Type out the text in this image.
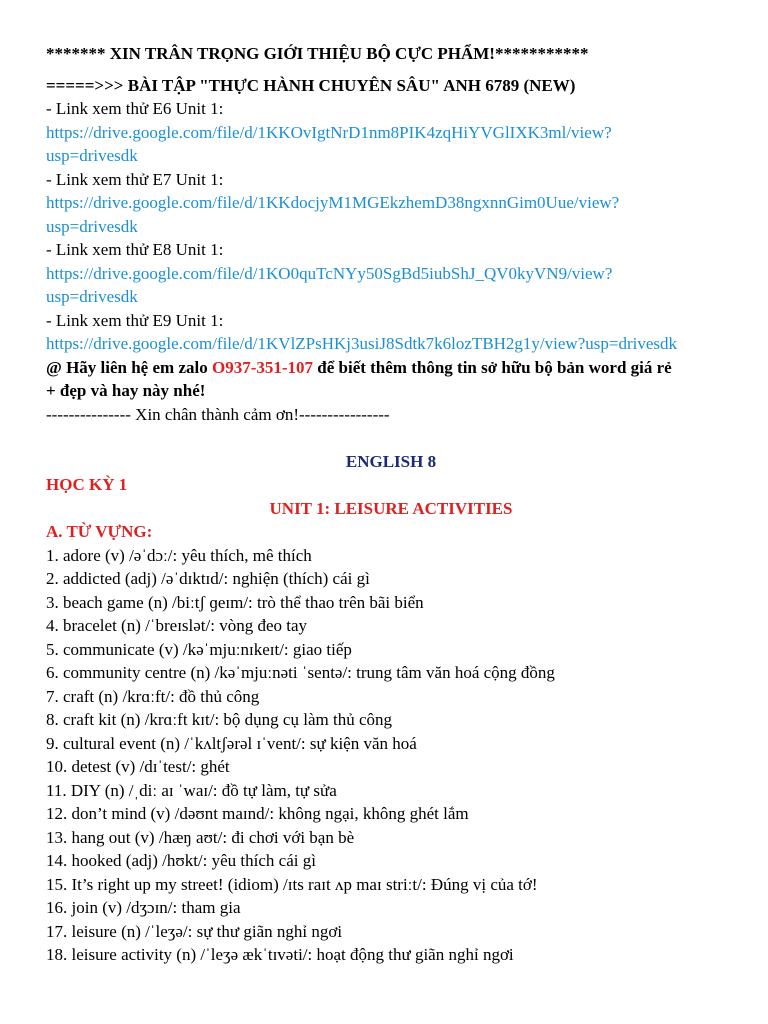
******* XIN TRÂN TRỌNG GIỚI THIỆU BỘ CỰC PHẨM!***********
=====>>> BÀI TẬP "THỰC HÀNH CHUYÊN SÂU" ANH 6789 (NEW)
- Link xem thử E6 Unit 1:
https://drive.google.com/file/d/1KKOvIgtNrD1nm8PIK4zqHiYVGlIXK3ml/view?
usp=drivesdk
- Link xem thử E7 Unit 1:
https://drive.google.com/file/d/1KKdocjyM1MGEkzhemD38ngxnnGim0Uue/view?
usp=drivesdk
- Link xem thử E8 Unit 1:
https://drive.google.com/file/d/1KO0quTcNYy50SgBd5iubShJ_QV0kyVN9/view?
usp=drivesdk
- Link xem thử E9 Unit 1:
https://drive.google.com/file/d/1KVlZPsHKj3usiJ8Sdtk7k6lozTBH2g1y/view?usp=drivesdk
@ Hãy liên hệ em zalo O937-351-107 để biết thêm thông tin sở hữu bộ bản word giá rẻ
+ đẹp và hay này nhé!
--------------- Xin chân thành cảm ơn!----------------
ENGLISH 8
HỌC KỲ 1
UNIT 1: LEISURE ACTIVITIES
A. TỪ VỰNG:
1. adore (v) /əˈdɔː/: yêu thích, mê thích
2. addicted (adj) /əˈdɪktɪd/: nghiện (thích) cái gì
3. beach game (n) /biːtʃ ɡeɪm/: trò thể thao trên bãi biển
4. bracelet (n) /ˈbreɪslət/: vòng đeo tay
5. communicate (v) /kəˈmjuːnɪkeɪt/: giao tiếp
6. community centre (n) /kəˈmjuːnəti ˈsentə/: trung tâm văn hoá cộng đồng
7. craft (n) /krɑːft/: đồ thủ công
8. craft kit (n) /krɑːft kɪt/: bộ dụng cụ làm thủ công
9. cultural event (n) /ˈkʌltʃərəl ɪˈvent/: sự kiện văn hoá
10. detest (v) /dɪˈtest/: ghét
11. DIY (n) /ˌdiː aɪ ˈwaɪ/: đồ tự làm, tự sửa
12. don’t mind (v) /dəʊnt maɪnd/: không ngại, không ghét lắm
13. hang out (v) /hæŋ aʊt/: đi chơi với bạn bè
14. hooked (adj) /hʊkt/: yêu thích cái gì
15. It’s right up my street! (idiom) /ɪts raɪt ʌp maɪ striːt/: Đúng vị của tớ!
16. join (v) /dʒɔɪn/: tham gia
17. leisure (n) /ˈleʒə/: sự thư giãn nghỉ ngơi
18. leisure activity (n) /ˈleʒə ækˈtɪvəti/: hoạt động thư giãn nghỉ ngơi
